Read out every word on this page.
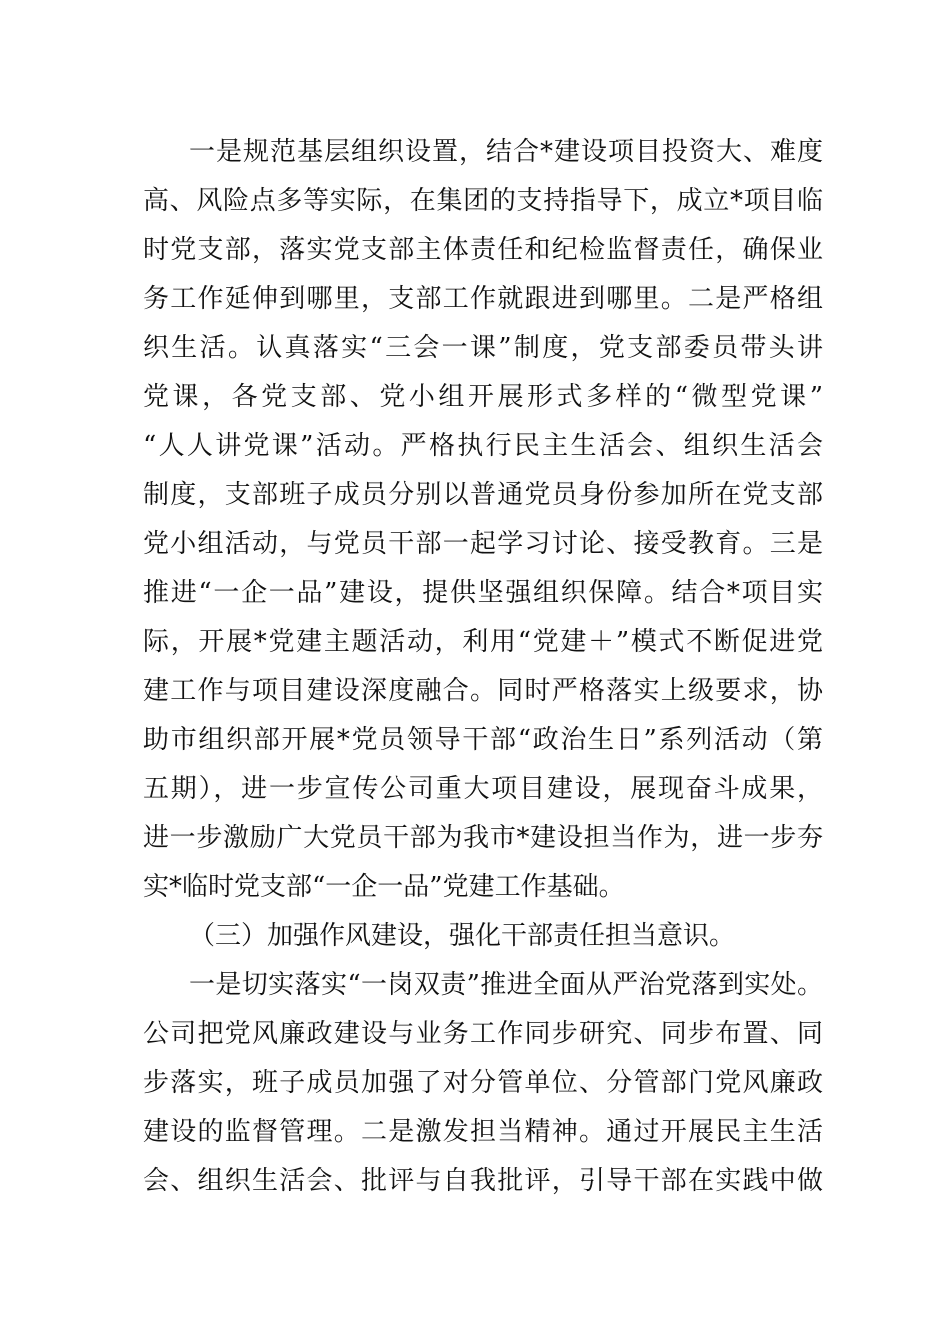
一是规范基层组织设置，结合*建设项目投资大、难度
高、风险点多等实际，在集团的支持指导下，成立*项目临
时党支部，落实党支部主体责任和纪检监督责任，确保业
务工作延伸到哪里，支部工作就跟进到哪里。二是严格组
织生活。认真落实“三会一课”制度，党支部委员带头讲
党课，各党支部、党小组开展形式多样的“微型党课”
“人人讲党课”活动。严格执行民主生活会、组织生活会
制度，支部班子成员分别以普通党员身份参加所在党支部
党小组活动，与党员干部一起学习讨论、接受教育。三是
推进“一企一品”建设，提供坚强组织保障。结合*项目实
际，开展*党建主题活动，利用“党建＋”模式不断促进党
建工作与项目建设深度融合。同时严格落实上级要求，协
助市组织部开展*党员领导干部“政治生日”系列活动（第
五期），进一步宣传公司重大项目建设，展现奋斗成果，
进一步激励广大党员干部为我市*建设担当作为，进一步夯
实*临时党支部“一企一品”党建工作基础。
（三）加强作风建设，强化干部责任担当意识。
一是切实落实“一岗双责”推进全面从严治党落到实处。
公司把党风廉政建设与业务工作同步研究、同步布置、同
步落实，班子成员加强了对分管单位、分管部门党风廉政
建设的监督管理。二是激发担当精神。通过开展民主生活
会、组织生活会、批评与自我批评，引导干部在实践中做
